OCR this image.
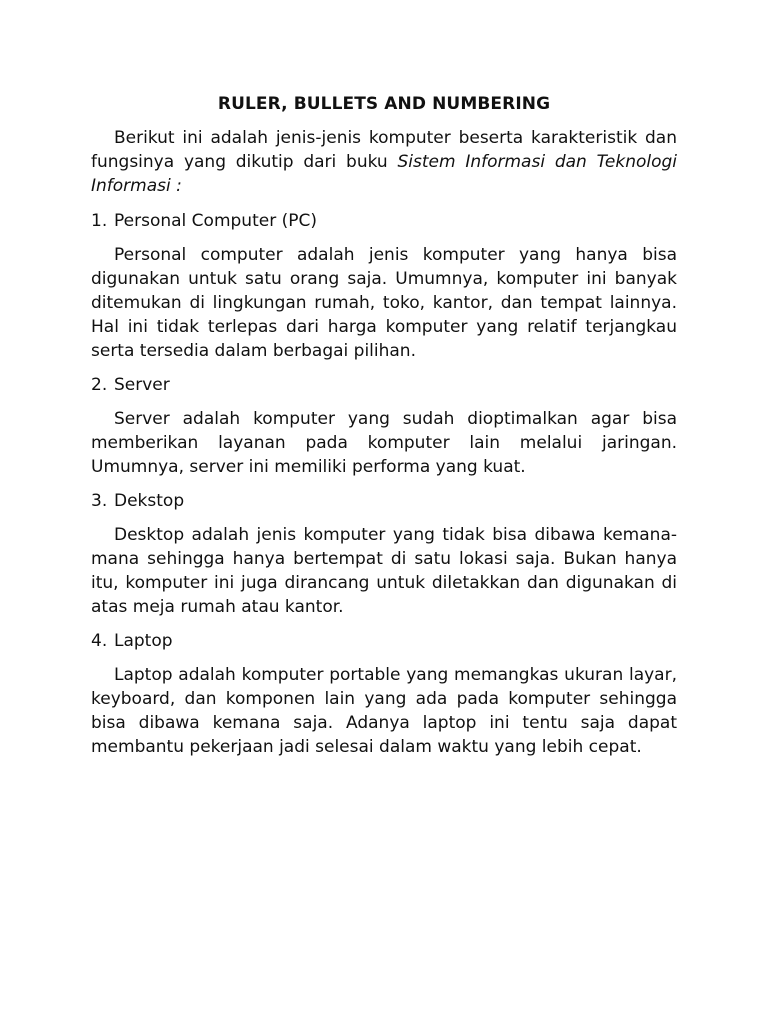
RULER, BULLETS AND NUMBERING

Berikut ini adalah jenis-jenis komputer beserta karakteristik dan fungsinya yang dikutip dari buku Sistem Informasi dan Teknologi Informasi :

1. Personal Computer (PC)

Personal computer adalah jenis komputer yang hanya bisa digunakan untuk satu orang saja. Umumnya, komputer ini banyak ditemukan di lingkungan rumah, toko, kantor, dan tempat lainnya. Hal ini tidak terlepas dari harga komputer yang relatif terjangkau serta tersedia dalam berbagai pilihan.

2. Server

Server adalah komputer yang sudah dioptimalkan agar bisa memberikan layanan pada komputer lain melalui jaringan. Umumnya, server ini memiliki performa yang kuat.

3. Dekstop

Desktop adalah jenis komputer yang tidak bisa dibawa kemana-mana sehingga hanya bertempat di satu lokasi saja. Bukan hanya itu, komputer ini juga dirancang untuk diletakkan dan digunakan di atas meja rumah atau kantor.

4. Laptop

Laptop adalah komputer portable yang memangkas ukuran layar, keyboard, dan komponen lain yang ada pada komputer sehingga bisa dibawa kemana saja. Adanya laptop ini tentu saja dapat membantu pekerjaan jadi selesai dalam waktu yang lebih cepat.
